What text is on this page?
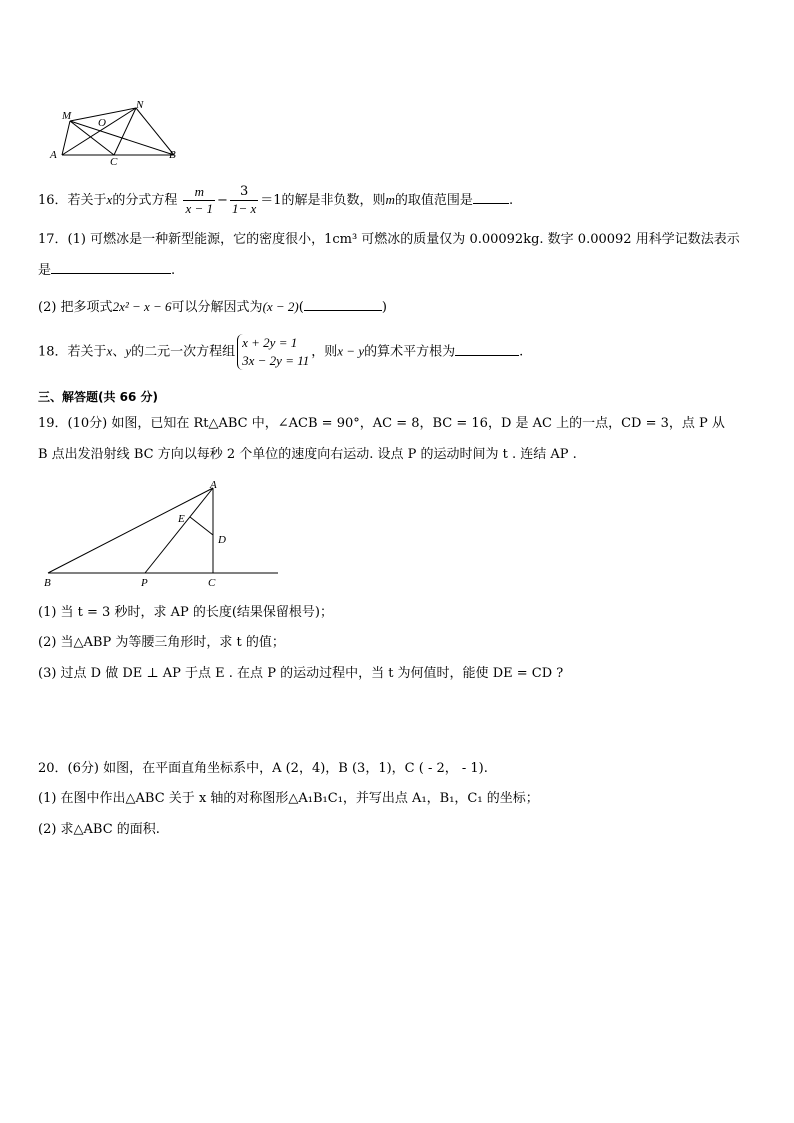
M
N
O
A	B
C
16．若关于x的分式方程 $\frac{m}{x - 1} - \frac{3}{1- x} =1$的解是非负数，则m的取值范围是	.
17．(1) 可燃冰是一种新型能源，它的密度很小，1cm³ 可燃冰的质量仅为 0.00092kg. 数字 0.00092 用科学记数法表示
是	.
(2) 把多项式2x² − x − 6可以分解因式为(x − 2)(	)
18．若关于x、y的二元一次方程组
x + 2y = 1
3x − 2y = 11
，则x − y的算术平方根为	.
三、解答题(共 66 分)
19．(10分) 如图，已知在 Rt△ABC 中，∠ACB = 90°，AC = 8，BC = 16，D 是 AC 上的一点，CD = 3，点 P 从
B 点出发沿射线 BC 方向以每秒 2 个单位的速度向右运动. 设点 P 的运动时间为 t . 连结 AP .
A
E
D
B	P	C
(1) 当 t = 3 秒时，求 AP 的长度(结果保留根号)；
(2) 当△ABP 为等腰三角形时，求 t 的值；
(3) 过点 D 做 DE ⊥ AP 于点 E . 在点 P 的运动过程中，当 t 为何值时，能使 DE = CD ?
20．(6分) 如图，在平面直角坐标系中，A (2，4)，B (3，1)，C ( - 2， - 1).
(1) 在图中作出△ABC 关于 x 轴的对称图形△A₁B₁C₁，并写出点 A₁，B₁，C₁ 的坐标；
(2) 求△ABC 的面积.
